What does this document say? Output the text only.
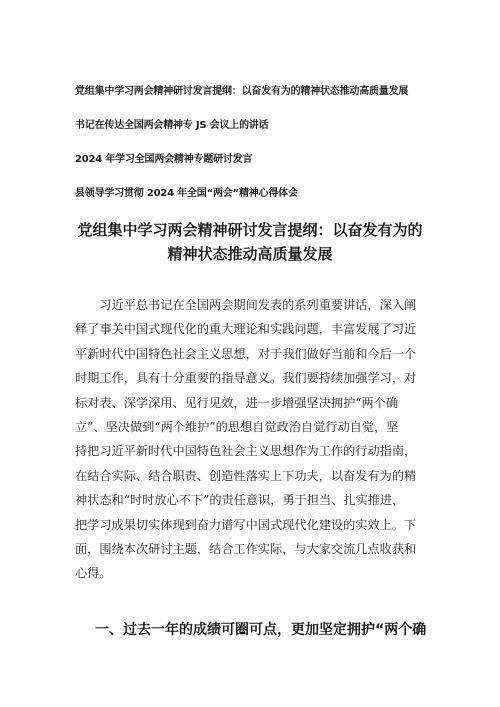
党组集中学习两会精神研讨发言提纲：以奋发有为的精神状态推动高质量发展
书记在传达全国两会精神专 JS 会议上的讲话
2024 年学习全国两会精神专题研讨发言
县领导学习贯彻 2024 年全国“两会”精神心得体会
党组集中学习两会精神研讨发言提纲：以奋发有为的
精神状态推动高质量发展
　　习近平总书记在全国两会期间发表的系列重要讲话，深入阐
释了事关中国式现代化的重大理论和实践问题，丰富发展了习近
平新时代中国特色社会主义思想，对于我们做好当前和今后一个
时期工作，具有十分重要的指导意义。我们要持续加强学习，对
标对表、深学深用、见行见效，进一步增强坚决拥护“两个确
立”、坚决做到“两个维护”的思想自觉政治自觉行动自觉，坚
持把习近平新时代中国特色社会主义思想作为工作的行动指南，
在结合实际、结合职责、创造性落实上下功夫，以奋发有为的精
神状态和“时时放心不下”的责任意识，勇于担当、扎实推进，
把学习成果切实体现到奋力谱写中国式现代化建设的实效上。下
面，围绕本次研讨主题，结合工作实际，与大家交流几点收获和
心得。
一、过去一年的成绩可圈可点，更加坚定拥护“两个确
